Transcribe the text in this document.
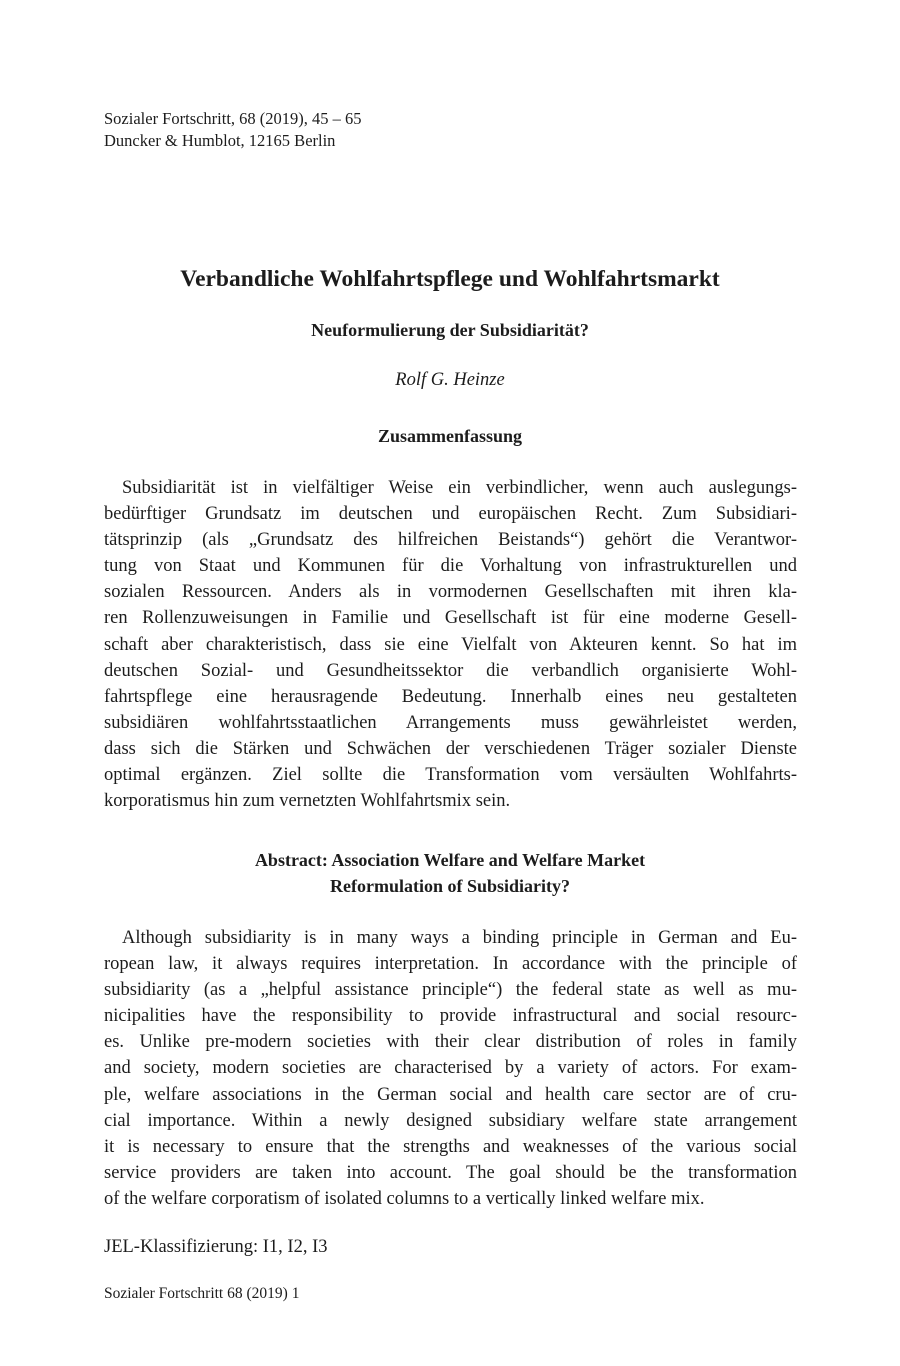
Sozialer Fortschritt, 68 (2019), 45 – 65
Duncker & Humblot, 12165 Berlin
Verbandliche Wohlfahrtspflege und Wohlfahrtsmarkt
Neuformulierung der Subsidiarität?
Rolf G. Heinze
Zusammenfassung
Subsidiarität ist in vielfältiger Weise ein verbindlicher, wenn auch auslegungs-
bedürftiger Grundsatz im deutschen und europäischen Recht. Zum Subsidiari-
tätsprinzip (als „Grundsatz des hilfreichen Beistands“) gehört die Verantwor-
tung von Staat und Kommunen für die Vorhaltung von infrastrukturellen und
sozialen Ressourcen. Anders als in vormodernen Gesellschaften mit ihren kla-
ren Rollenzuweisungen in Familie und Gesellschaft ist für eine moderne Gesell-
schaft aber charakteristisch, dass sie eine Vielfalt von Akteuren kennt. So hat im
deutschen Sozial- und Gesundheitssektor die verbandlich organisierte Wohl-
fahrtspflege eine herausragende Bedeutung. Innerhalb eines neu gestalteten
subsidiären wohlfahrtsstaatlichen Arrangements muss gewährleistet werden,
dass sich die Stärken und Schwächen der verschiedenen Träger sozialer Dienste
optimal ergänzen. Ziel sollte die Transformation vom versäulten Wohlfahrts-
korporatismus hin zum vernetzten Wohlfahrtsmix sein.
Abstract: Association Welfare and Welfare Market
Reformulation of Subsidiarity?
Although subsidiarity is in many ways a binding principle in German and Eu-
ropean law, it always requires interpretation. In accordance with the principle of
subsidiarity (as a „helpful assistance principle“) the federal state as well as mu-
nicipalities have the responsibility to provide infrastructural and social resourc-
es. Unlike pre-modern societies with their clear distribution of roles in family
and society, modern societies are characterised by a variety of actors. For exam-
ple, welfare associations in the German social and health care sector are of cru-
cial importance. Within a newly designed subsidiary welfare state arrangement
it is necessary to ensure that the strengths and weaknesses of the various social
service providers are taken into account. The goal should be the transformation
of the welfare corporatism of isolated columns to a vertically linked welfare mix.
JEL-Klassifizierung: I1, I2, I3
Sozialer Fortschritt 68 (2019) 1
